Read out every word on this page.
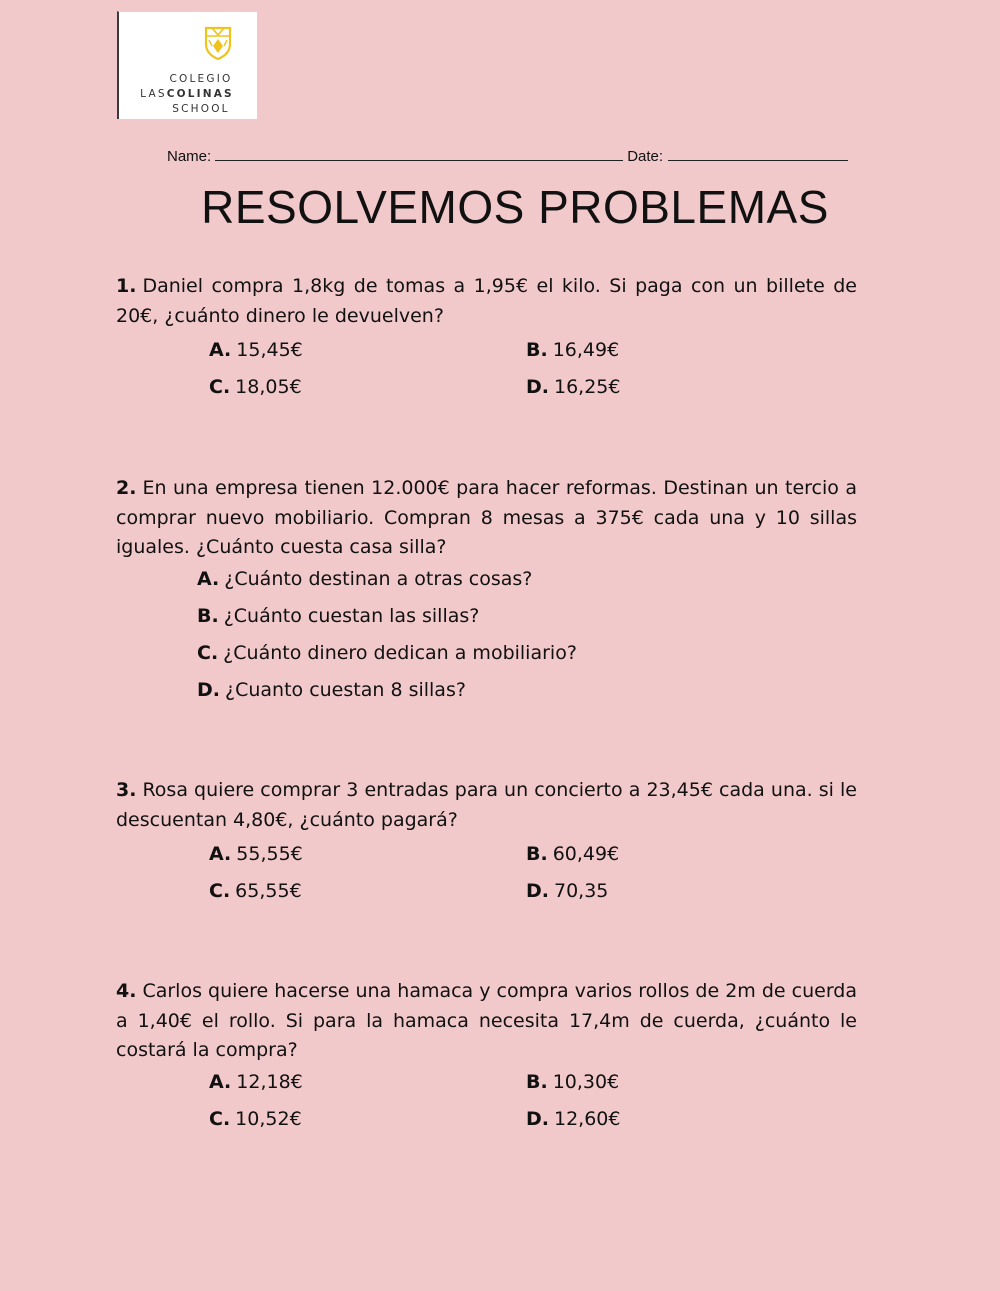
COLEGIO
LASCOLINAS
SCHOOL
Name:	Date:
RESOLVEMOS PROBLEMAS
1. Daniel compra 1,8kg de tomas a 1,95€ el kilo. Si paga con un billete de 20€, ¿cuánto dinero le devuelven?
A. 15,45€	B. 16,49€
C. 18,05€	D. 16,25€
2. En una empresa tienen 12.000€ para hacer reformas. Destinan un tercio a comprar nuevo mobiliario. Compran 8 mesas a 375€ cada una y 10 sillas iguales. ¿Cuánto cuesta casa silla?
A. ¿Cuánto destinan a otras cosas?
B. ¿Cuánto cuestan las sillas?
C. ¿Cuánto dinero dedican a mobiliario?
D. ¿Cuanto cuestan 8 sillas?
3. Rosa quiere comprar 3 entradas para un concierto a 23,45€ cada una. si le descuentan 4,80€, ¿cuánto pagará?
A. 55,55€	B. 60,49€
C. 65,55€	D. 70,35
4. Carlos quiere hacerse una hamaca y compra varios rollos de 2m de cuerda a 1,40€ el rollo. Si para la hamaca necesita 17,4m de cuerda, ¿cuánto le costará la compra?
A. 12,18€	B. 10,30€
C. 10,52€	D. 12,60€
